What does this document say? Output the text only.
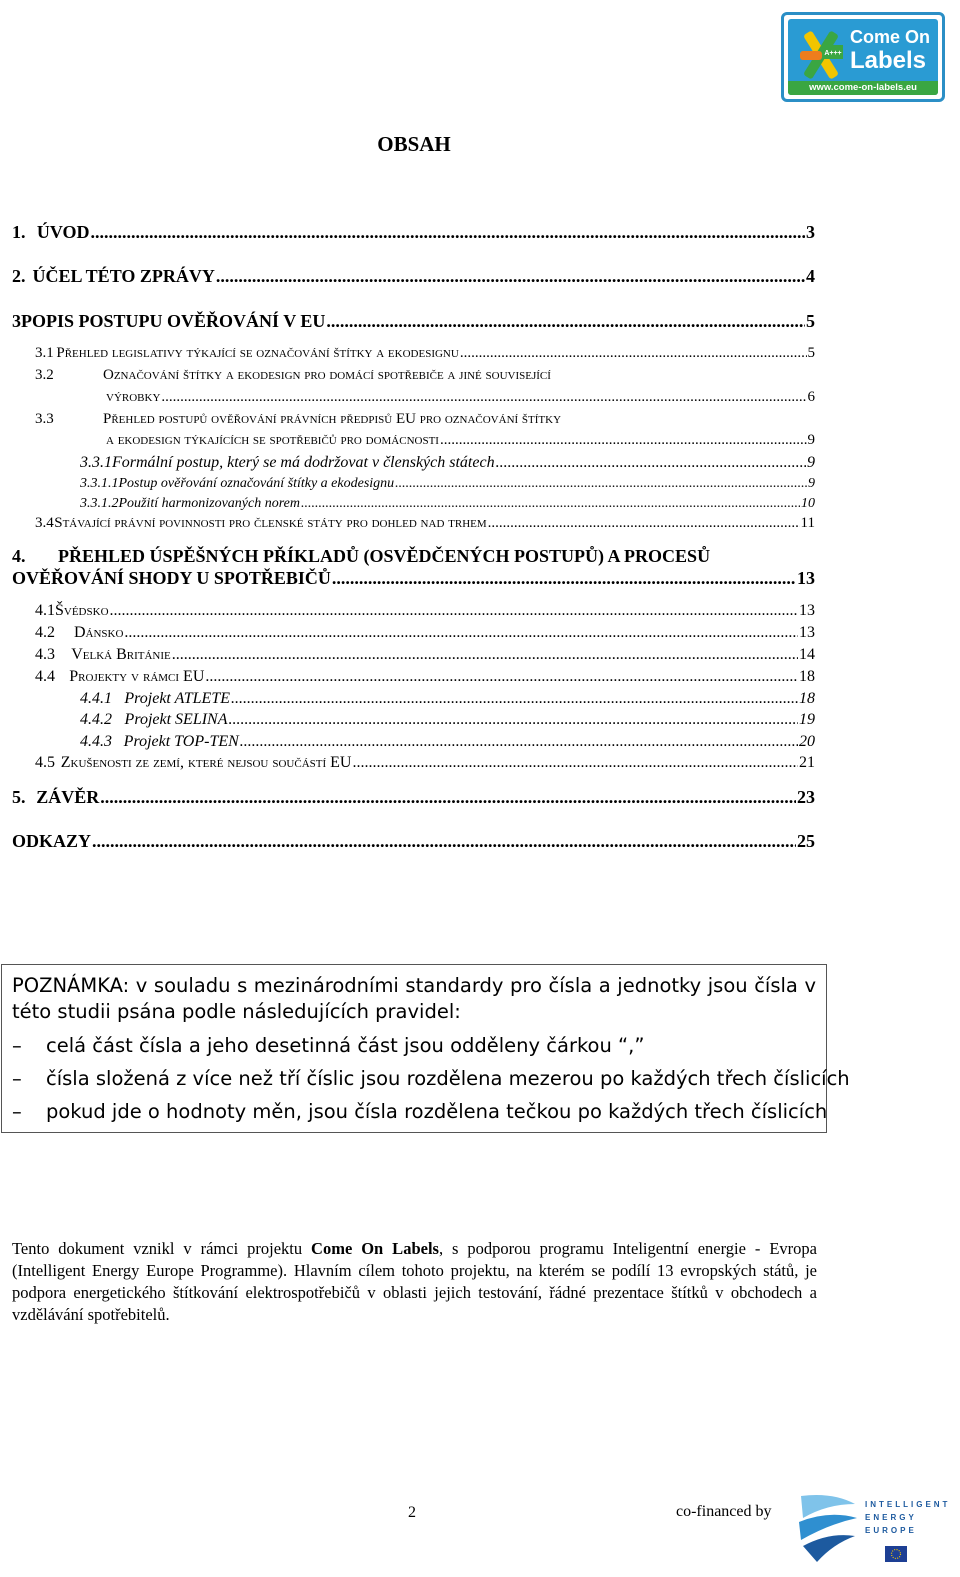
A+++
Come On
Labels
www.come-on-labels.eu
OBSAH
1. ÚVOD .....	3
2. ÚČEL TÉTO ZPRÁVY .....	4
3 POPIS POSTUPU OVĚŘOVÁNÍ V EU .....	5
3.1 Přehled legislativy týkající se označování štítky a ekodesignu .....	5
3.2	Označování štítky a ekodesign pro domácí spotřebiče a jiné související
výrobky .....	6
3.3	Přehled postupů ověřování právních předpisů EU pro označování štítky
a ekodesign týkajících se spotřebičů pro domácnosti .....	9
3.3.1 Formální postup, který se má dodržovat v členských státech .....	9
3.3.1.1 Postup ověřování označování štítky a ekodesignu .....	9
3.3.1.2 Použití harmonizovaných norem .....	10
3.4 Stávající právní povinnosti pro členské státy pro dohled nad trhem .....	11
4. PŘEHLED ÚSPĚŠNÝCH PŘÍKLADŮ (OSVĚDČENÝCH POSTUPŮ) A PROCESŮ
OVĚŘOVÁNÍ SHODY U SPOTŘEBIČŮ .....	13
4.1 Švédsko .....	13
4.2	Dánsko .....	13
4.3	Velká Británie .....	14
4.4 Projekty v rámci EU .....	18
4.4.1 Projekt ATLETE .....	18
4.4.2 Projekt SELINA .....	19
4.4.3 Projekt TOP-TEN .....	20
4.5 Zkušenosti ze zemí, které nejsou součástí EU .....	21
5. ZÁVĚR .....	23
ODKAZY .....	25
POZNÁMKA: v souladu s mezinárodními standardy pro čísla a jednotky jsou čísla v této studii psána podle následujících pravidel:
– celá část čísla a jeho desetinná část jsou odděleny čárkou “,”
– čísla složená z více než tří číslic jsou rozdělena mezerou po každých třech číslicích
– pokud jde o hodnoty měn, jsou čísla rozdělena tečkou po každých třech číslicích
Tento dokument vznikl v rámci projektu Come On Labels, s podporou programu Inteligentní energie - Evropa (Intelligent Energy Europe Programme). Hlavním cílem tohoto projektu, na kterém se podílí 13 evropských států, je podpora energetického štítkování elektrospotřebičů v oblasti jejich testování, řádné prezentace štítků v obchodech a vzdělávání spotřebitelů.
2	co-financed by	INTELLIGENT
ENERGY
EUROPE
